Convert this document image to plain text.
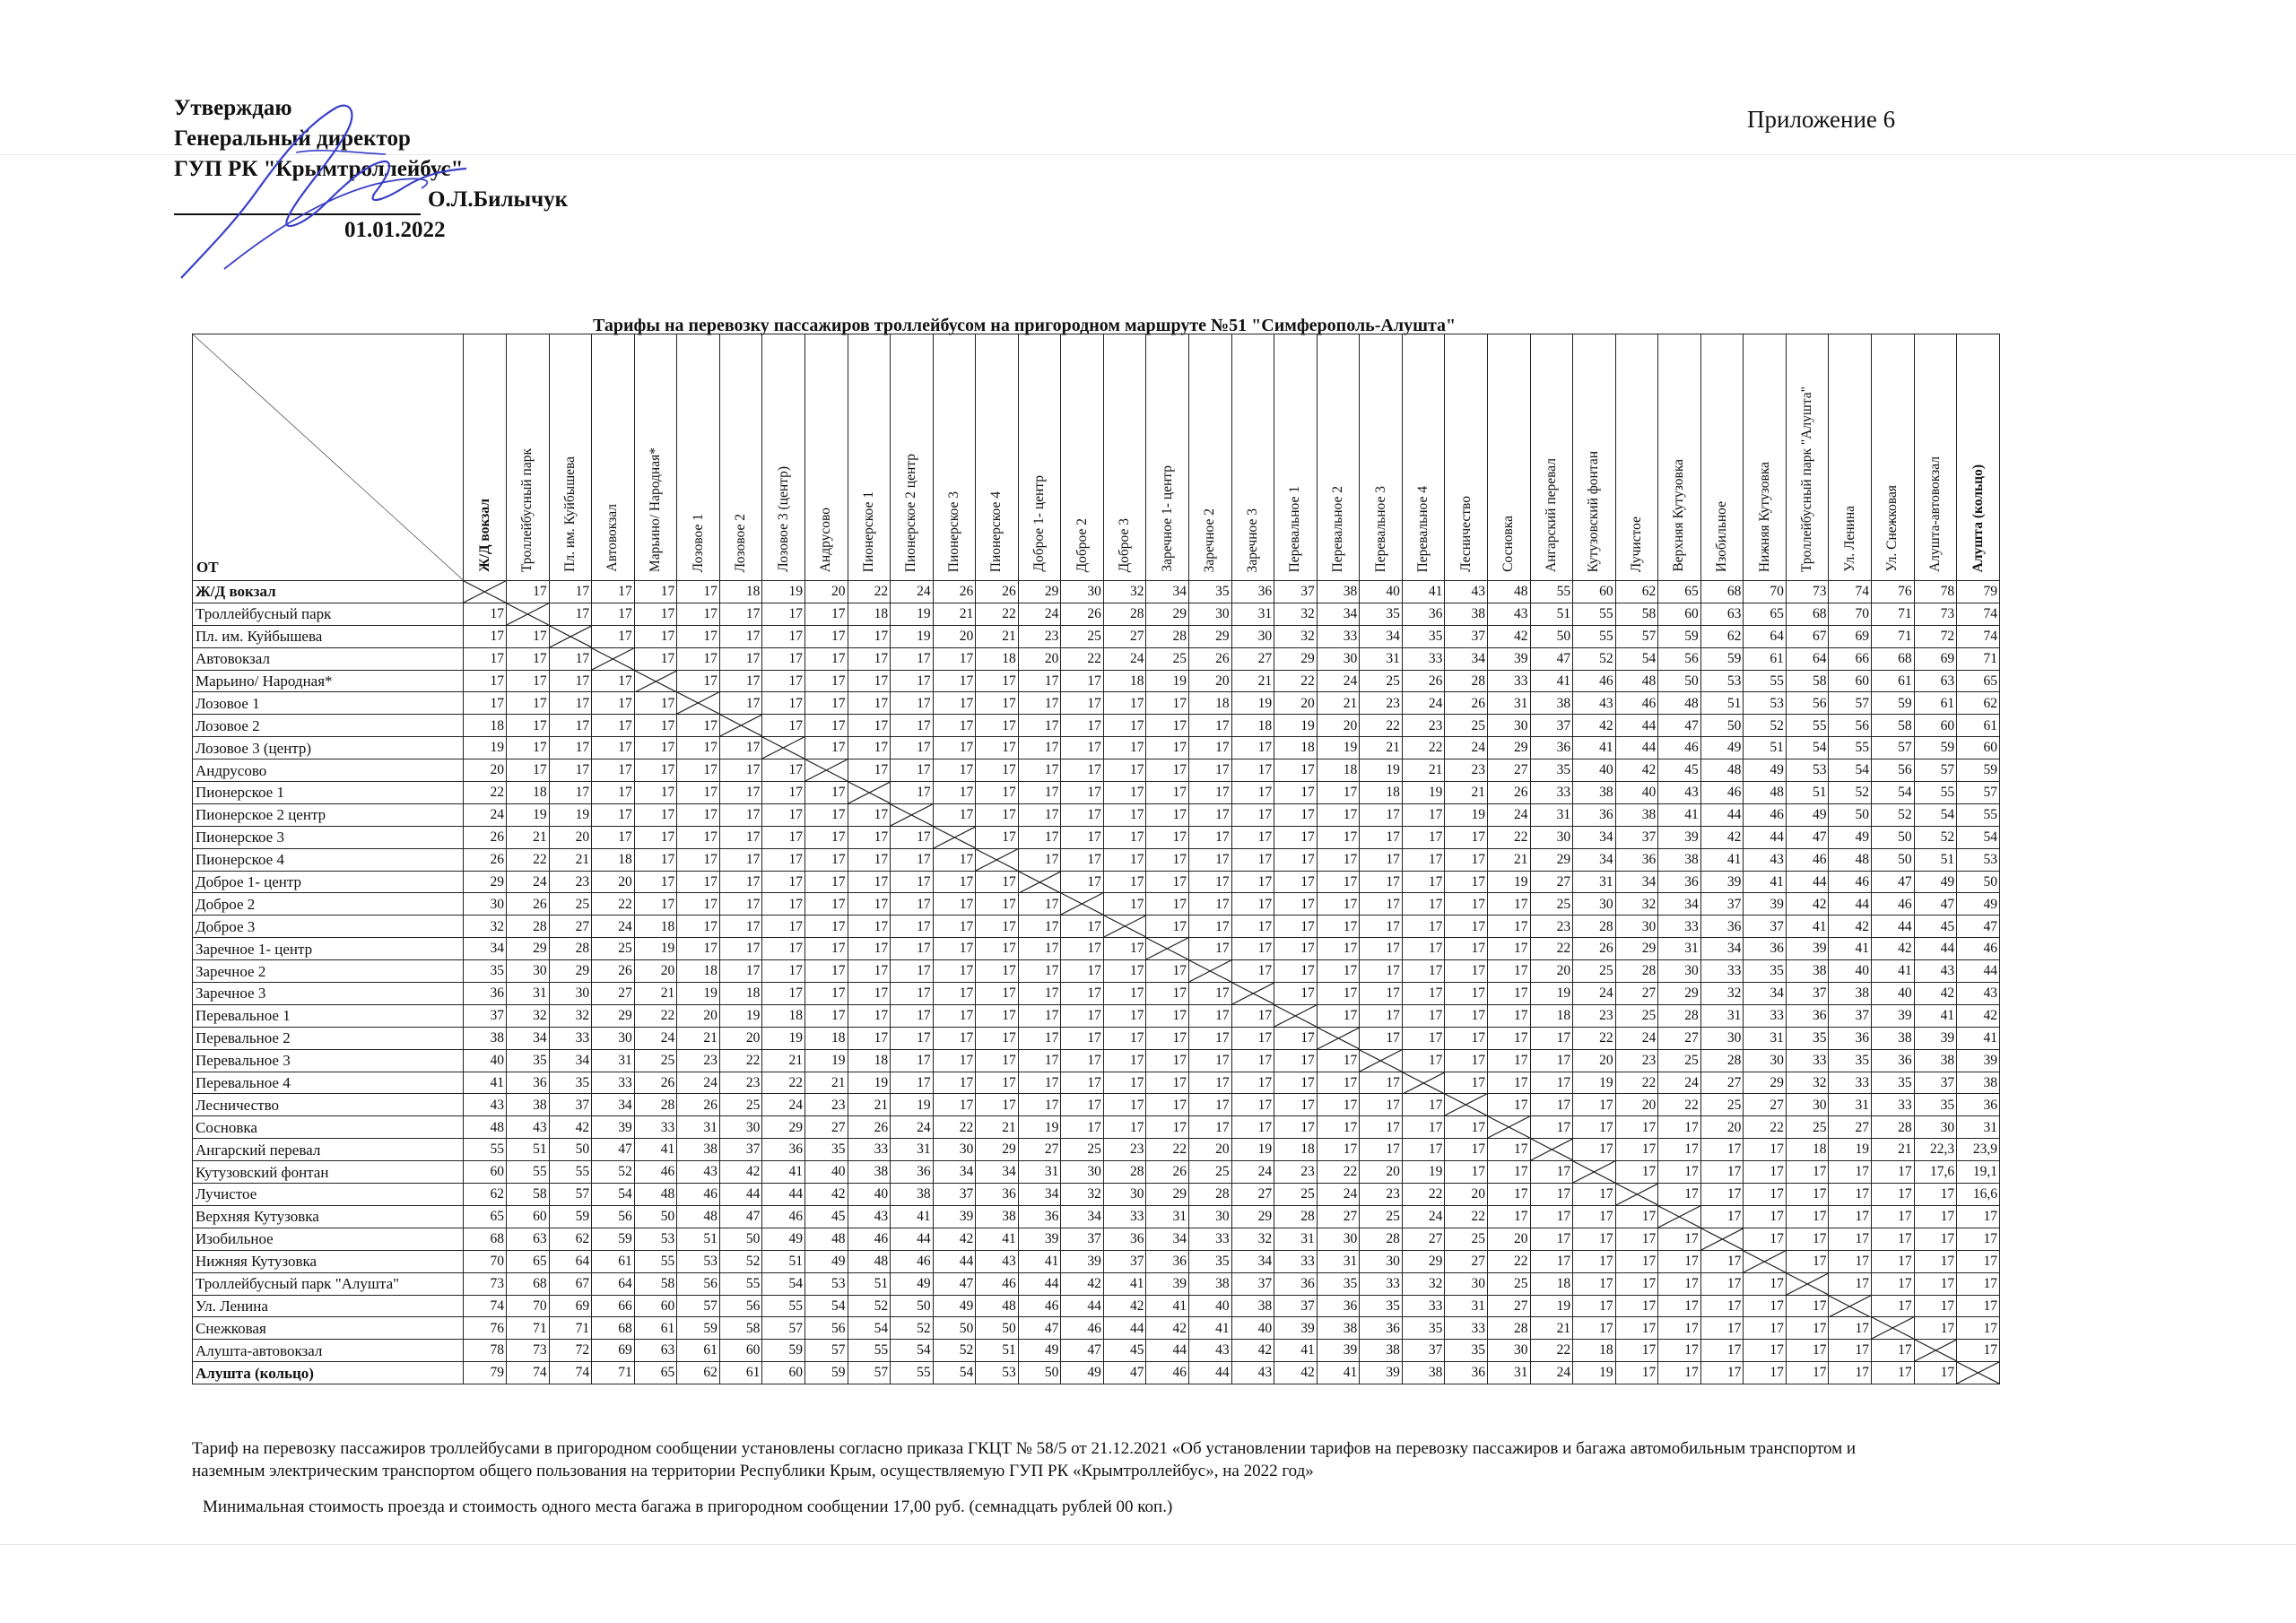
Утверждаю
Генеральный директор
ГУП РК "Крымтроллейбус"
О.Л.Билычук
01.01.2022
Приложение 6
Тарифы на перевозку пассажиров троллейбусом на пригородном маршруте №51 "Симферополь-Алушта"
ОТ	Ж/Д вокзал	Троллейбусный парк	Пл. им. Куйбышева	Автовокзал	Марьино/ Народная*	Лозовое 1	Лозовое 2	Лозовое 3 (центр)	Андрусово	Пионерское 1	Пионерское 2 центр	Пионерское 3	Пионерское 4	Доброе 1- центр	Доброе 2	Доброе 3	Заречное 1- центр	Заречное 2	Заречное 3	Перевальное 1	Перевальное 2	Перевальное 3	Перевальное 4	Лесничество	Сосновка	Ангарский перевал	Кутузовский фонтан	Лучистое	Верхняя Кутузовка	Изобильное	Нижняя Кутузовка	Троллейбусный парк "Алушта"	Ул. Ленина	Ул. Снежковая	Алушта-автовокзал	Алушта (кольцо)
Ж/Д вокзал		17	17	17	17	17	18	19	20	22	24	26	26	29	30	32	34	35	36	37	38	40	41	43	48	55	60	62	65	68	70	73	74	76	78	79
Троллейбусный парк	17		17	17	17	17	17	17	17	18	19	21	22	24	26	28	29	30	31	32	34	35	36	38	43	51	55	58	60	63	65	68	70	71	73	74
Пл. им. Куйбышева	17	17		17	17	17	17	17	17	17	19	20	21	23	25	27	28	29	30	32	33	34	35	37	42	50	55	57	59	62	64	67	69	71	72	74
Автовокзал	17	17	17		17	17	17	17	17	17	17	17	18	20	22	24	25	26	27	29	30	31	33	34	39	47	52	54	56	59	61	64	66	68	69	71
Марьино/ Народная*	17	17	17	17		17	17	17	17	17	17	17	17	17	17	18	19	20	21	22	24	25	26	28	33	41	46	48	50	53	55	58	60	61	63	65
Лозовое 1	17	17	17	17	17		17	17	17	17	17	17	17	17	17	17	17	18	19	20	21	23	24	26	31	38	43	46	48	51	53	56	57	59	61	62
Лозовое 2	18	17	17	17	17	17		17	17	17	17	17	17	17	17	17	17	17	18	19	20	22	23	25	30	37	42	44	47	50	52	55	56	58	60	61
Лозовое 3 (центр)	19	17	17	17	17	17	17		17	17	17	17	17	17	17	17	17	17	17	18	19	21	22	24	29	36	41	44	46	49	51	54	55	57	59	60
Андрусово	20	17	17	17	17	17	17	17		17	17	17	17	17	17	17	17	17	17	17	18	19	21	23	27	35	40	42	45	48	49	53	54	56	57	59
Пионерское 1	22	18	17	17	17	17	17	17	17		17	17	17	17	17	17	17	17	17	17	17	18	19	21	26	33	38	40	43	46	48	51	52	54	55	57
Пионерское 2 центр	24	19	19	17	17	17	17	17	17	17		17	17	17	17	17	17	17	17	17	17	17	17	19	24	31	36	38	41	44	46	49	50	52	54	55
Пионерское 3	26	21	20	17	17	17	17	17	17	17	17		17	17	17	17	17	17	17	17	17	17	17	17	22	30	34	37	39	42	44	47	49	50	52	54
Пионерское 4	26	22	21	18	17	17	17	17	17	17	17	17		17	17	17	17	17	17	17	17	17	17	17	21	29	34	36	38	41	43	46	48	50	51	53
Доброе 1- центр	29	24	23	20	17	17	17	17	17	17	17	17	17		17	17	17	17	17	17	17	17	17	17	19	27	31	34	36	39	41	44	46	47	49	50
Доброе 2	30	26	25	22	17	17	17	17	17	17	17	17	17	17		17	17	17	17	17	17	17	17	17	17	25	30	32	34	37	39	42	44	46	47	49
Доброе 3	32	28	27	24	18	17	17	17	17	17	17	17	17	17	17		17	17	17	17	17	17	17	17	17	23	28	30	33	36	37	41	42	44	45	47
Заречное 1- центр	34	29	28	25	19	17	17	17	17	17	17	17	17	17	17	17		17	17	17	17	17	17	17	17	22	26	29	31	34	36	39	41	42	44	46
Заречное 2	35	30	29	26	20	18	17	17	17	17	17	17	17	17	17	17	17		17	17	17	17	17	17	17	20	25	28	30	33	35	38	40	41	43	44
Заречное 3	36	31	30	27	21	19	18	17	17	17	17	17	17	17	17	17	17	17		17	17	17	17	17	17	19	24	27	29	32	34	37	38	40	42	43
Перевальное 1	37	32	32	29	22	20	19	18	17	17	17	17	17	17	17	17	17	17	17		17	17	17	17	17	18	23	25	28	31	33	36	37	39	41	42
Перевальное 2	38	34	33	30	24	21	20	19	18	17	17	17	17	17	17	17	17	17	17	17		17	17	17	17	17	22	24	27	30	31	35	36	38	39	41
Перевальное 3	40	35	34	31	25	23	22	21	19	18	17	17	17	17	17	17	17	17	17	17	17		17	17	17	17	20	23	25	28	30	33	35	36	38	39
Перевальное 4	41	36	35	33	26	24	23	22	21	19	17	17	17	17	17	17	17	17	17	17	17	17		17	17	17	19	22	24	27	29	32	33	35	37	38
Лесничество	43	38	37	34	28	26	25	24	23	21	19	17	17	17	17	17	17	17	17	17	17	17	17		17	17	17	20	22	25	27	30	31	33	35	36
Сосновка	48	43	42	39	33	31	30	29	27	26	24	22	21	19	17	17	17	17	17	17	17	17	17	17		17	17	17	17	20	22	25	27	28	30	31
Ангарский перевал	55	51	50	47	41	38	37	36	35	33	31	30	29	27	25	23	22	20	19	18	17	17	17	17	17		17	17	17	17	17	18	19	21	22,3	23,9
Кутузовский фонтан	60	55	55	52	46	43	42	41	40	38	36	34	34	31	30	28	26	25	24	23	22	20	19	17	17	17		17	17	17	17	17	17	17	17,6	19,1
Лучистое	62	58	57	54	48	46	44	44	42	40	38	37	36	34	32	30	29	28	27	25	24	23	22	20	17	17	17		17	17	17	17	17	17	17	16,6
Верхняя Кутузовка	65	60	59	56	50	48	47	46	45	43	41	39	38	36	34	33	31	30	29	28	27	25	24	22	17	17	17	17		17	17	17	17	17	17	17
Изобильное	68	63	62	59	53	51	50	49	48	46	44	42	41	39	37	36	34	33	32	31	30	28	27	25	20	17	17	17	17		17	17	17	17	17	17
Нижняя Кутузовка	70	65	64	61	55	53	52	51	49	48	46	44	43	41	39	37	36	35	34	33	31	30	29	27	22	17	17	17	17	17		17	17	17	17	17
Троллейбусный парк "Алушта"	73	68	67	64	58	56	55	54	53	51	49	47	46	44	42	41	39	38	37	36	35	33	32	30	25	18	17	17	17	17	17		17	17	17	17
Ул. Ленина	74	70	69	66	60	57	56	55	54	52	50	49	48	46	44	42	41	40	38	37	36	35	33	31	27	19	17	17	17	17	17	17		17	17	17
Снежковая	76	71	71	68	61	59	58	57	56	54	52	50	50	47	46	44	42	41	40	39	38	36	35	33	28	21	17	17	17	17	17	17	17		17	17
Алушта-автовокзал	78	73	72	69	63	61	60	59	57	55	54	52	51	49	47	45	44	43	42	41	39	38	37	35	30	22	18	17	17	17	17	17	17	17		17
Алушта (кольцо)	79	74	74	71	65	62	61	60	59	57	55	54	53	50	49	47	46	44	43	42	41	39	38	36	31	24	19	17	17	17	17	17	17	17	17	
Тариф на перевозку пассажиров троллейбусами в пригородном сообщении установлены согласно приказа ГКЦТ № 58/5 от 21.12.2021 «Об установлении тарифов на перевозку пассажиров и багажа автомобильным транспортом и наземным электрическим транспортом общего пользования на территории Республики Крым, осуществляемую ГУП РК «Крымтроллейбус», на 2022 год»
Минимальная стоимость проезда и стоимость одного места багажа в пригородном сообщении 17,00 руб. (семнадцать рублей 00 коп.)
